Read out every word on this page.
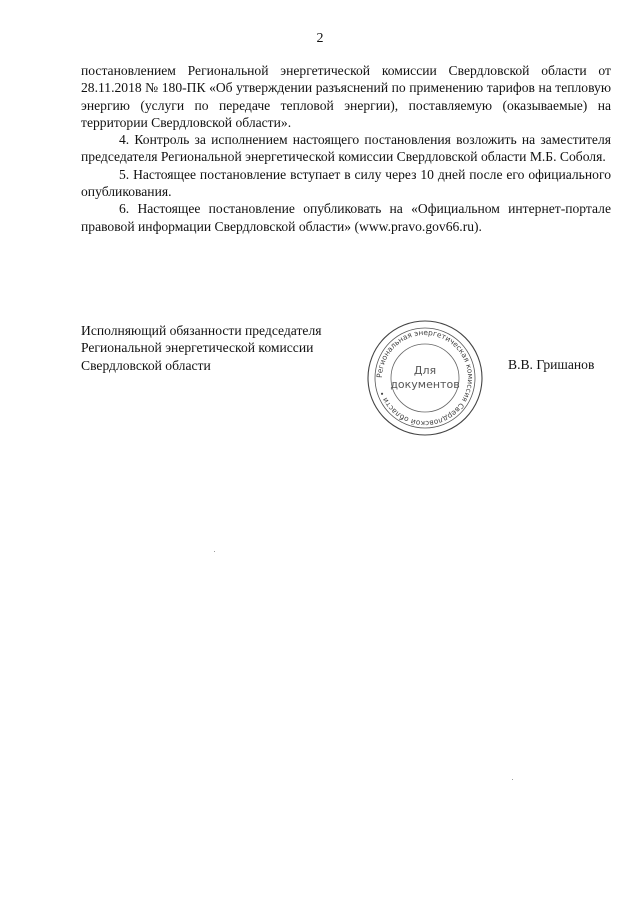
2

постановлением Региональной энергетической комиссии Свердловской области от 28.11.2018 № 180-ПК «Об утверждении разъяснений по применению тарифов на тепловую энергию (услуги по передаче тепловой энергии), поставляемую (оказываемые) на территории Свердловской области».

4. Контроль за исполнением настоящего постановления возложить на заместителя председателя Региональной энергетической комиссии Свердловской области М.Б. Соболя.

5. Настоящее постановление вступает в силу через 10 дней после его официального опубликования.

6. Настоящее постановление опубликовать на «Официальном интернет-портале правовой информации Свердловской области» (www.pravo.gov66.ru).

Исполняющий обязанности председателя
Региональной энергетической комиссии
Свердловской области
Региональная энергетическая комиссия Свердловской области •
Для
документов
В.В. Гришанов
